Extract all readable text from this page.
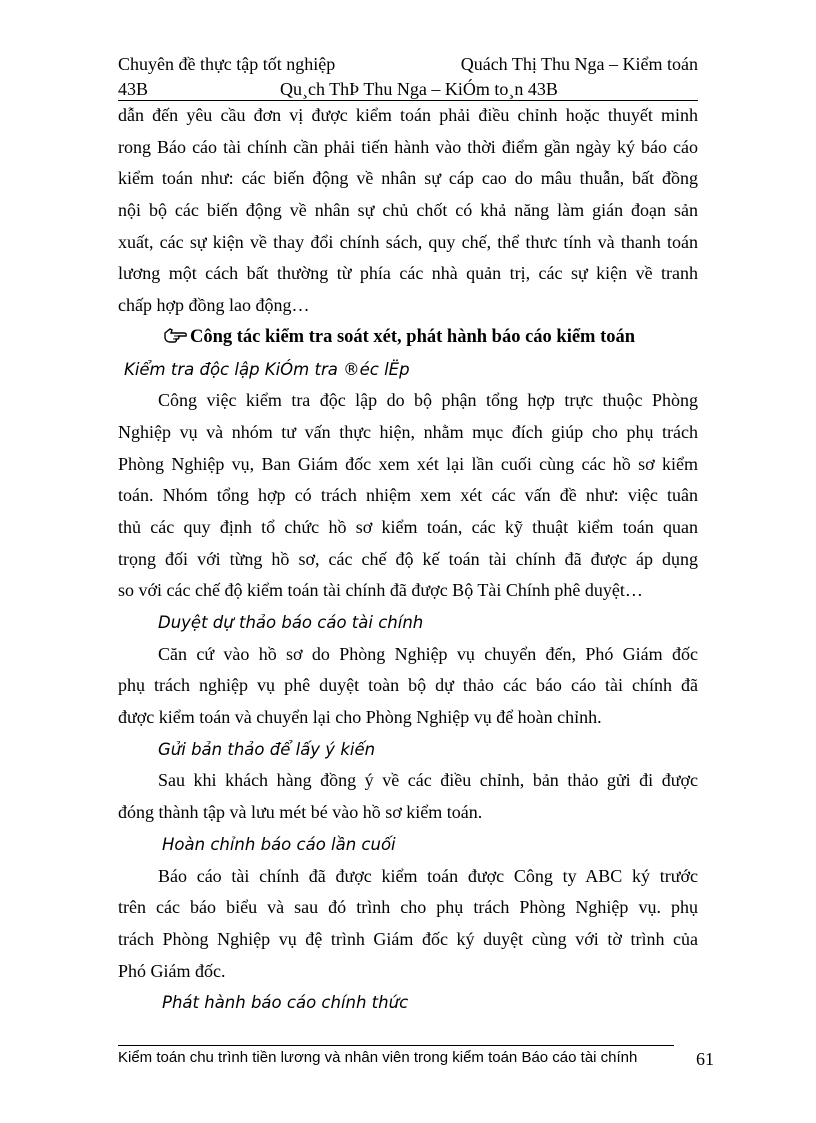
Chuyên đề thực tập tốt nghiệp	Quách Thị Thu Nga – Kiểm toán
43B	Qu¸ch ThÞ Thu Nga – KiÓm to¸n 43B
dẫn đến yêu cầu đơn vị được kiểm toán phải điều chỉnh hoặc thuyết minh
rong Báo cáo tài chính cần phải tiến hành vào thời điểm gần ngày ký báo cáo
kiểm toán như: các biến động về nhân sự cáp cao do mâu thuẫn, bất đồng
nội bộ các biến động về nhân sự chủ chốt có khả năng làm gián đoạn sản
xuất, các sự kiện về thay đổi chính sách, quy chế, thể thưc tính và thanh toán
lương một cách bất thường từ phía các nhà quản trị, các sự kiện về tranh
chấp hợp đồng lao động…
Công tác kiểm tra soát xét, phát hành báo cáo kiểm toán
Kiểm tra độc lập KiÓm tra ®éc lËp
Công việc kiểm tra độc lập do bộ phận tổng hợp trực thuộc Phòng
Nghiệp vụ và nhóm tư vấn thực hiện, nhằm mục đích giúp cho phụ trách
Phòng Nghiệp vụ, Ban Giám đốc xem xét lại lần cuối cùng các hồ sơ kiểm
toán. Nhóm tổng hợp có trách nhiệm xem xét các vấn đề như: việc tuân
thủ các quy định tổ chức hồ sơ kiểm toán, các kỹ thuật kiểm toán quan
trọng đối với từng hồ sơ, các chế độ kế toán tài chính đã được áp dụng
so với các chế độ kiểm toán tài chính đã được Bộ Tài Chính phê duyệt…
Duyệt dự thảo báo cáo tài chính
Căn cứ vào hồ sơ do Phòng Nghiệp vụ chuyển đến, Phó Giám đốc
phụ trách nghiệp vụ phê duyệt toàn bộ dự thảo các báo cáo tài chính đã
được kiểm toán và chuyển lại cho Phòng Nghiệp vụ để hoàn chỉnh.
Gửi bản thảo để lấy ý kiến
Sau khi khách hàng đồng ý về các điều chỉnh, bản thảo gửi đi được
đóng thành tập và lưu mét bé vào hồ sơ kiểm toán.
Hoàn chỉnh báo cáo lần cuối
Báo cáo tài chính đã được kiểm toán được Công ty ABC ký trước
trên các báo biểu và sau đó trình cho phụ trách Phòng Nghiệp vụ. phụ
trách Phòng Nghiệp vụ đệ trình Giám đốc ký duyệt cùng với tờ trình của
Phó Giám đốc.
Phát hành báo cáo chính thức
Kiểm toán chu trình tiền lương và nhân viên trong kiểm toán Báo cáo tài chính	61
